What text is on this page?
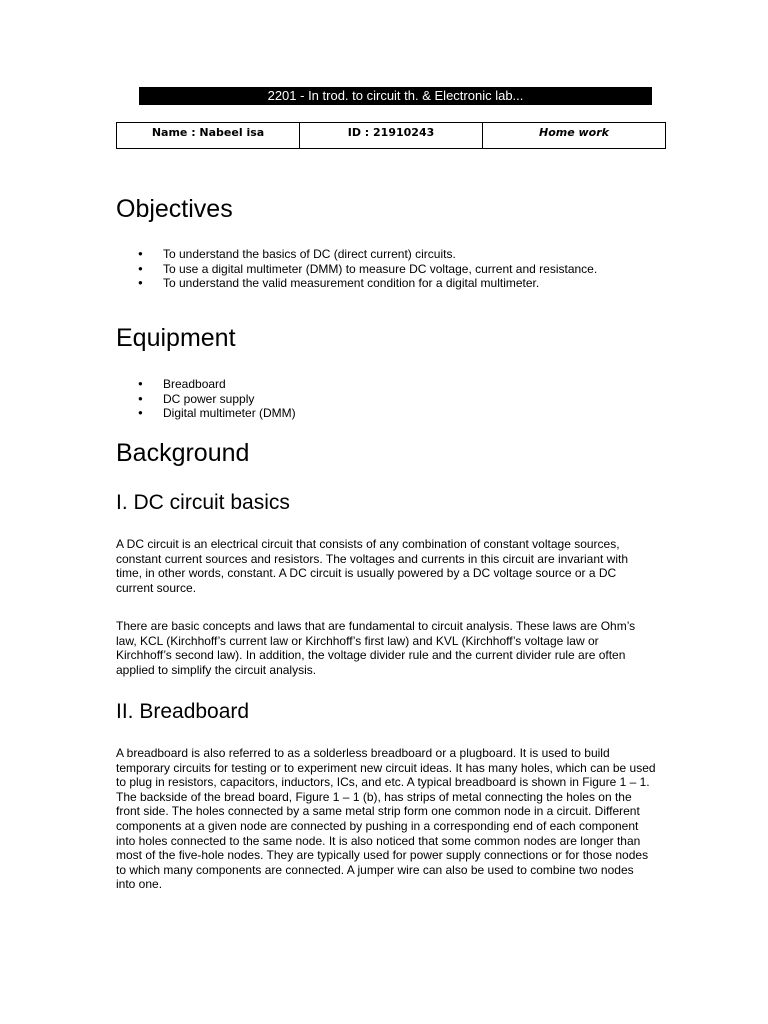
2201 - In trod. to circuit th. & Electronic lab...
Name : Nabeel isa	ID : 21910243	Home work
Objectives
● To understand the basics of DC (direct current) circuits.
● To use a digital multimeter (DMM) to measure DC voltage, current and resistance.
● To understand the valid measurement condition for a digital multimeter.
Equipment
● Breadboard
● DC power supply
● Digital multimeter (DMM)
Background
I. DC circuit basics

A DC circuit is an electrical circuit that consists of any combination of constant voltage sources, constant current sources and resistors. The voltages and currents in this circuit are invariant with time, in other words, constant. A DC circuit is usually powered by a DC voltage source or a DC current source.

There are basic concepts and laws that are fundamental to circuit analysis. These laws are Ohm’s law, KCL (Kirchhoff’s current law or Kirchhoff’s first law) and KVL (Kirchhoff’s voltage law or Kirchhoff’s second law). In addition, the voltage divider rule and the current divider rule are often applied to simplify the circuit analysis.

II. Breadboard

A breadboard is also referred to as a solderless breadboard or a plugboard. It is used to build temporary circuits for testing or to experiment new circuit ideas. It has many holes, which can be used to plug in resistors, capacitors, inductors, ICs, and etc. A typical breadboard is shown in Figure 1 – 1. The backside of the bread board, Figure 1 – 1 (b), has strips of metal connecting the holes on the front side. The holes connected by a same metal strip form one common node in a circuit. Different components at a given node are connected by pushing in a corresponding end of each component into holes connected to the same node. It is also noticed that some common nodes are longer than most of the five-hole nodes. They are typically used for power supply connections or for those nodes to which many components are connected. A jumper wire can also be used to combine two nodes into one.
